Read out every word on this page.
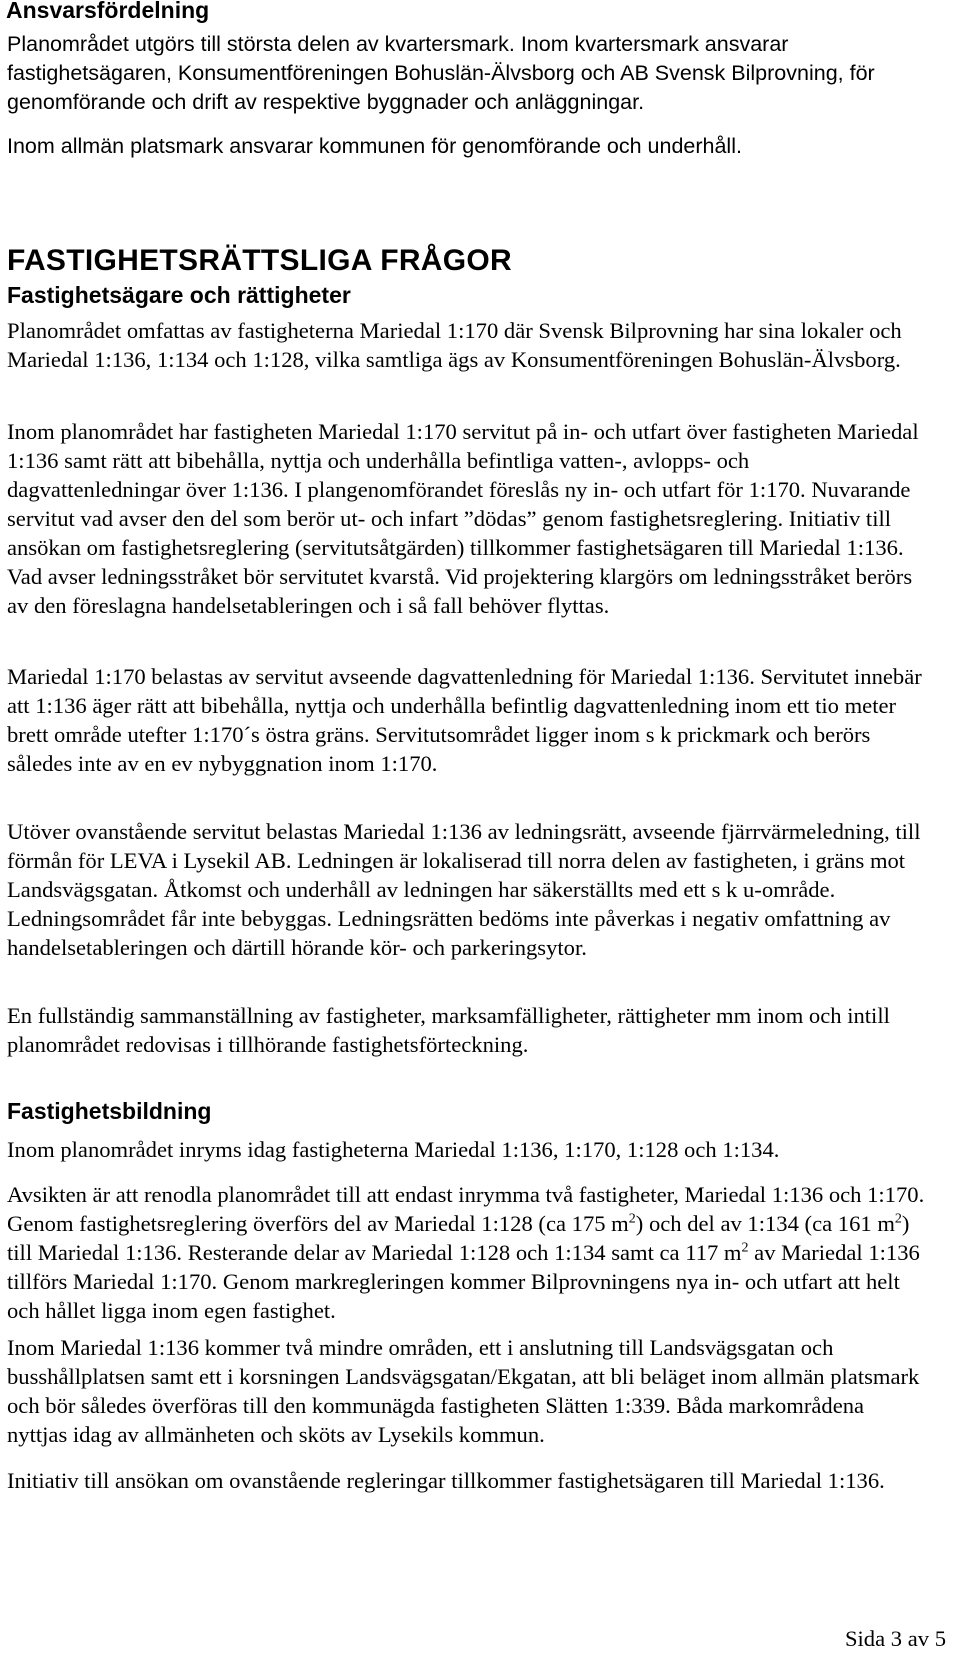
Ansvarsfördelning

Planområdet utgörs till största delen av kvartersmark. Inom kvartersmark ansvarar fastighetsägaren, Konsumentföreningen Bohuslän-Älvsborg och AB Svensk Bilprovning, för genomförande och drift av respektive byggnader och anläggningar.

Inom allmän platsmark ansvarar kommunen för genomförande och underhåll.

FASTIGHETSRÄTTSLIGA FRÅGOR
Fastighetsägare och rättigheter

Planområdet omfattas av fastigheterna Mariedal 1:170 där Svensk Bilprovning har sina lokaler och Mariedal 1:136, 1:134 och 1:128, vilka samtliga ägs av Konsumentföreningen Bohuslän-Älvsborg.

Inom planområdet har fastigheten Mariedal 1:170 servitut på in- och utfart över fastigheten Mariedal 1:136 samt rätt att bibehålla, nyttja och underhålla befintliga vatten-, avlopps- och dagvattenledningar över 1:136. I plangenomförandet föreslås ny in- och utfart för 1:170. Nuvarande servitut vad avser den del som berör ut- och infart ”dödas” genom fastighetsreglering. Initiativ till ansökan om fastighetsreglering (servitutsåtgärden) tillkommer fastighetsägaren till Mariedal 1:136. Vad avser ledningsstråket bör servitutet kvarstå. Vid projektering klargörs om ledningsstråket berörs av den föreslagna handelsetableringen och i så fall behöver flyttas.

Mariedal 1:170 belastas av servitut avseende dagvattenledning för Mariedal 1:136. Servitutet innebär att 1:136 äger rätt att bibehålla, nyttja och underhålla befintlig dagvattenledning inom ett tio meter brett område utefter 1:170´s östra gräns. Servitutsområdet ligger inom s k prickmark och berörs således inte av en ev nybyggnation inom 1:170.

Utöver ovanstående servitut belastas Mariedal 1:136 av ledningsrätt, avseende fjärrvärmeledning, till förmån för LEVA i Lysekil AB. Ledningen är lokaliserad till norra delen av fastigheten, i gräns mot Landsvägsgatan. Åtkomst och underhåll av ledningen har säkerställts med ett s k u-område. Ledningsområdet får inte bebyggas. Ledningsrätten bedöms inte påverkas i negativ omfattning av handelsetableringen och därtill hörande kör- och parkeringsytor.

En fullständig sammanställning av fastigheter, marksamfälligheter, rättigheter mm inom och intill planområdet redovisas i tillhörande fastighetsförteckning.

Fastighetsbildning

Inom planområdet inryms idag fastigheterna Mariedal 1:136, 1:170, 1:128 och 1:134.

Avsikten är att renodla planområdet till att endast inrymma två fastigheter, Mariedal 1:136 och 1:170. Genom fastighetsreglering överförs del av Mariedal 1:128 (ca 175 $m^2$) och del av 1:134 (ca 161 $m^2$) till Mariedal 1:136. Resterande delar av Mariedal 1:128 och 1:134 samt ca 117 $m^2$ av Mariedal 1:136 tillförs Mariedal 1:170. Genom markregleringen kommer Bilprovningens nya in- och utfart att helt och hållet ligga inom egen fastighet.

Inom Mariedal 1:136 kommer två mindre områden, ett i anslutning till Landsvägsgatan och busshållplatsen samt ett i korsningen Landsvägsgatan/Ekgatan, att bli beläget inom allmän platsmark och bör således överföras till den kommunägda fastigheten Slätten 1:339. Båda markområdena nyttjas idag av allmänheten och sköts av Lysekils kommun.

Initiativ till ansökan om ovanstående regleringar tillkommer fastighetsägaren till Mariedal 1:136.

Sida 3 av 5
